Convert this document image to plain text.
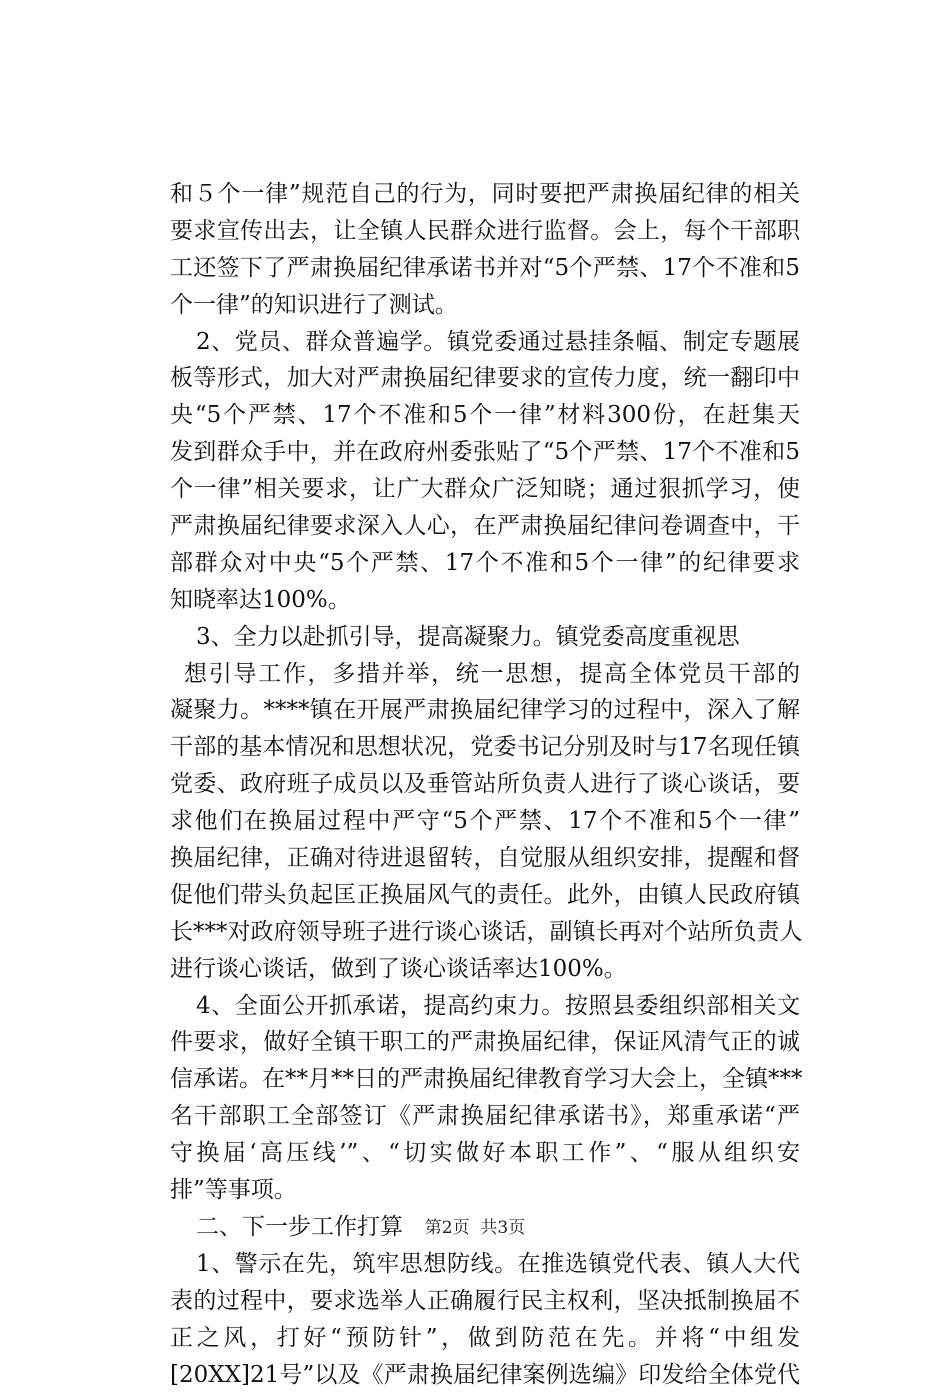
和５个一律”规范自己的行为，同时要把严肃换届纪律的相关
要求宣传出去，让全镇人民群众进行监督。会上，每个干部职
工还签下了严肃换届纪律承诺书并对“5个严禁、17个不准和5
个一律”的知识进行了测试。
2、党员、群众普遍学。镇党委通过悬挂条幅、制定专题展
板等形式，加大对严肃换届纪律要求的宣传力度，统一翻印中
央“5个严禁、17个不准和5个一律”材料300份，在赶集天
发到群众手中，并在政府州委张贴了“5个严禁、17个不准和5
个一律”相关要求，让广大群众广泛知晓；通过狠抓学习，使
严肃换届纪律要求深入人心，在严肃换届纪律问卷调查中，干
部群众对中央“5个严禁、17个不准和5个一律”的纪律要求
知晓率达100%。
3、全力以赴抓引导，提高凝聚力。镇党委高度重视思
想引导工作，多措并举，统一思想，提高全体党员干部的
凝聚力。****镇在开展严肃换届纪律学习的过程中，深入了解
干部的基本情况和思想状况，党委书记分别及时与17名现任镇
党委、政府班子成员以及垂管站所负责人进行了谈心谈话，要
求他们在换届过程中严守“5个严禁、17个不准和5个一律”
换届纪律，正确对待进退留转，自觉服从组织安排，提醒和督
促他们带头负起匡正换届风气的责任。此外，由镇人民政府镇
长***对政府领导班子进行谈心谈话，副镇长再对个站所负责人
进行谈心谈话，做到了谈心谈话率达100%。
4、全面公开抓承诺，提高约束力。按照县委组织部相关文
件要求，做好全镇干职工的严肃换届纪律，保证风清气正的诚
信承诺。在**月**日的严肃换届纪律教育学习大会上，全镇***
名干部职工全部签订《严肃换届纪律承诺书》，郑重承诺“严
守换届‘高压线’”、“切实做好本职工作”、“服从组织安
排”等事项。
二、下一步工作打算
1、警示在先，筑牢思想防线。在推选镇党代表、镇人大代
表的过程中，要求选举人正确履行民主权利，坚决抵制换届不
正之风，打好“预防针”，做到防范在先。并将“中组发
[20XX]21号”以及《严肃换届纪律案例选编》印发给全体党代
第2页 共3页
